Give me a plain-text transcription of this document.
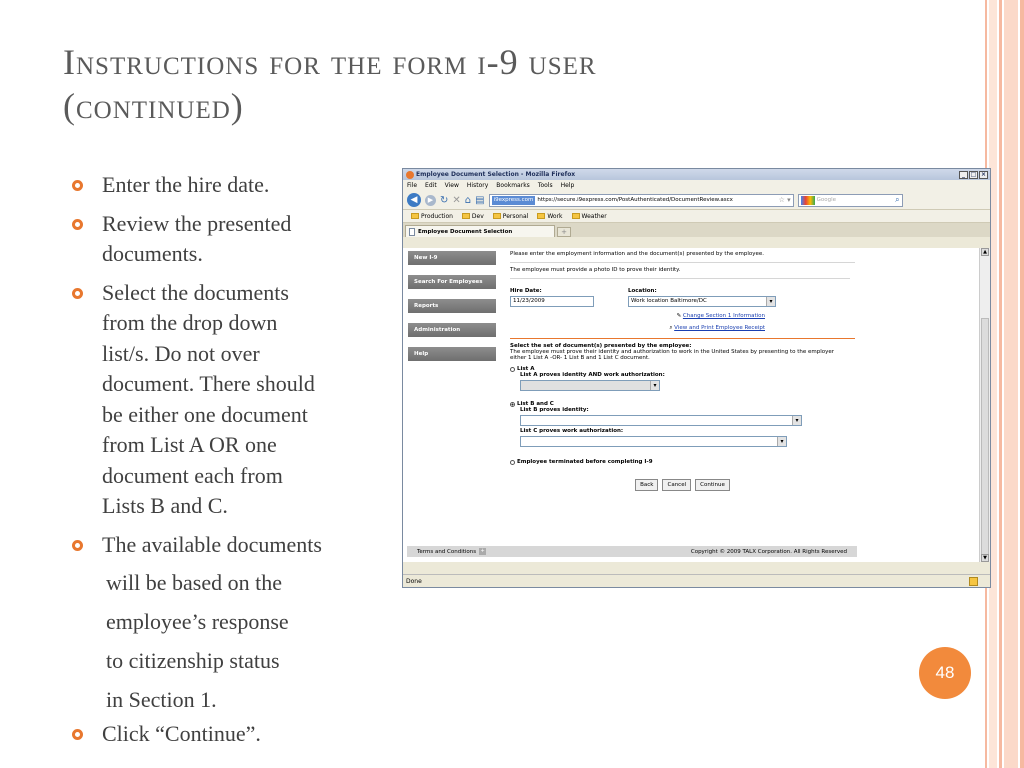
Instructions for the form i-9 user
(continued)
Enter the hire date.
Review the presented
documents.
Select the documents
from the drop down
list/s. Do not over
document. There should
be either one document
from List A OR one
document each from
Lists B and C.
The available documents
will be based on the
employee’s response
to citizenship status
in Section 1.
Click “Continue”.
Employee Document Selection - Mozilla Firefox	_ □ ×
File Edit View History Bookmarks Tools Help
◀	▶ ↻ ✕ ⌂ ▤	i9express.com https://secure.i9express.com/PostAuthenticated/DocumentReview.ascx	☆ ▾	Google	⌕
Production	Dev	Personal	Work	Weather
Employee Document Selection	+
New I-9
Search For Employees
Reports
Administration
Help

Please enter the employment information and the document(s) presented by the employee.

The employee must provide a photo ID to prove their identity.

Hire Date:
11/23/2009
Location:
Work location Baltimore/DC	▾
✎ Change Section 1 Information
⌕ View and Print Employee Receipt

Select the set of document(s) presented by the employee:

The employee must prove their identity and authorization to work in the United States by presenting to the employer either 1 List A -OR- 1 List B and 1 List C document.

List A
List A proves identity AND work authorization:
▾
List B and C
List B proves identity:
▾
List C proves work authorization:
▾
Employee terminated before completing I-9
Back	Cancel	Continue
Terms and Conditions +	Copyright © 2009 TALX Corporation. All Rights Reserved
▲
▼
Done
48
